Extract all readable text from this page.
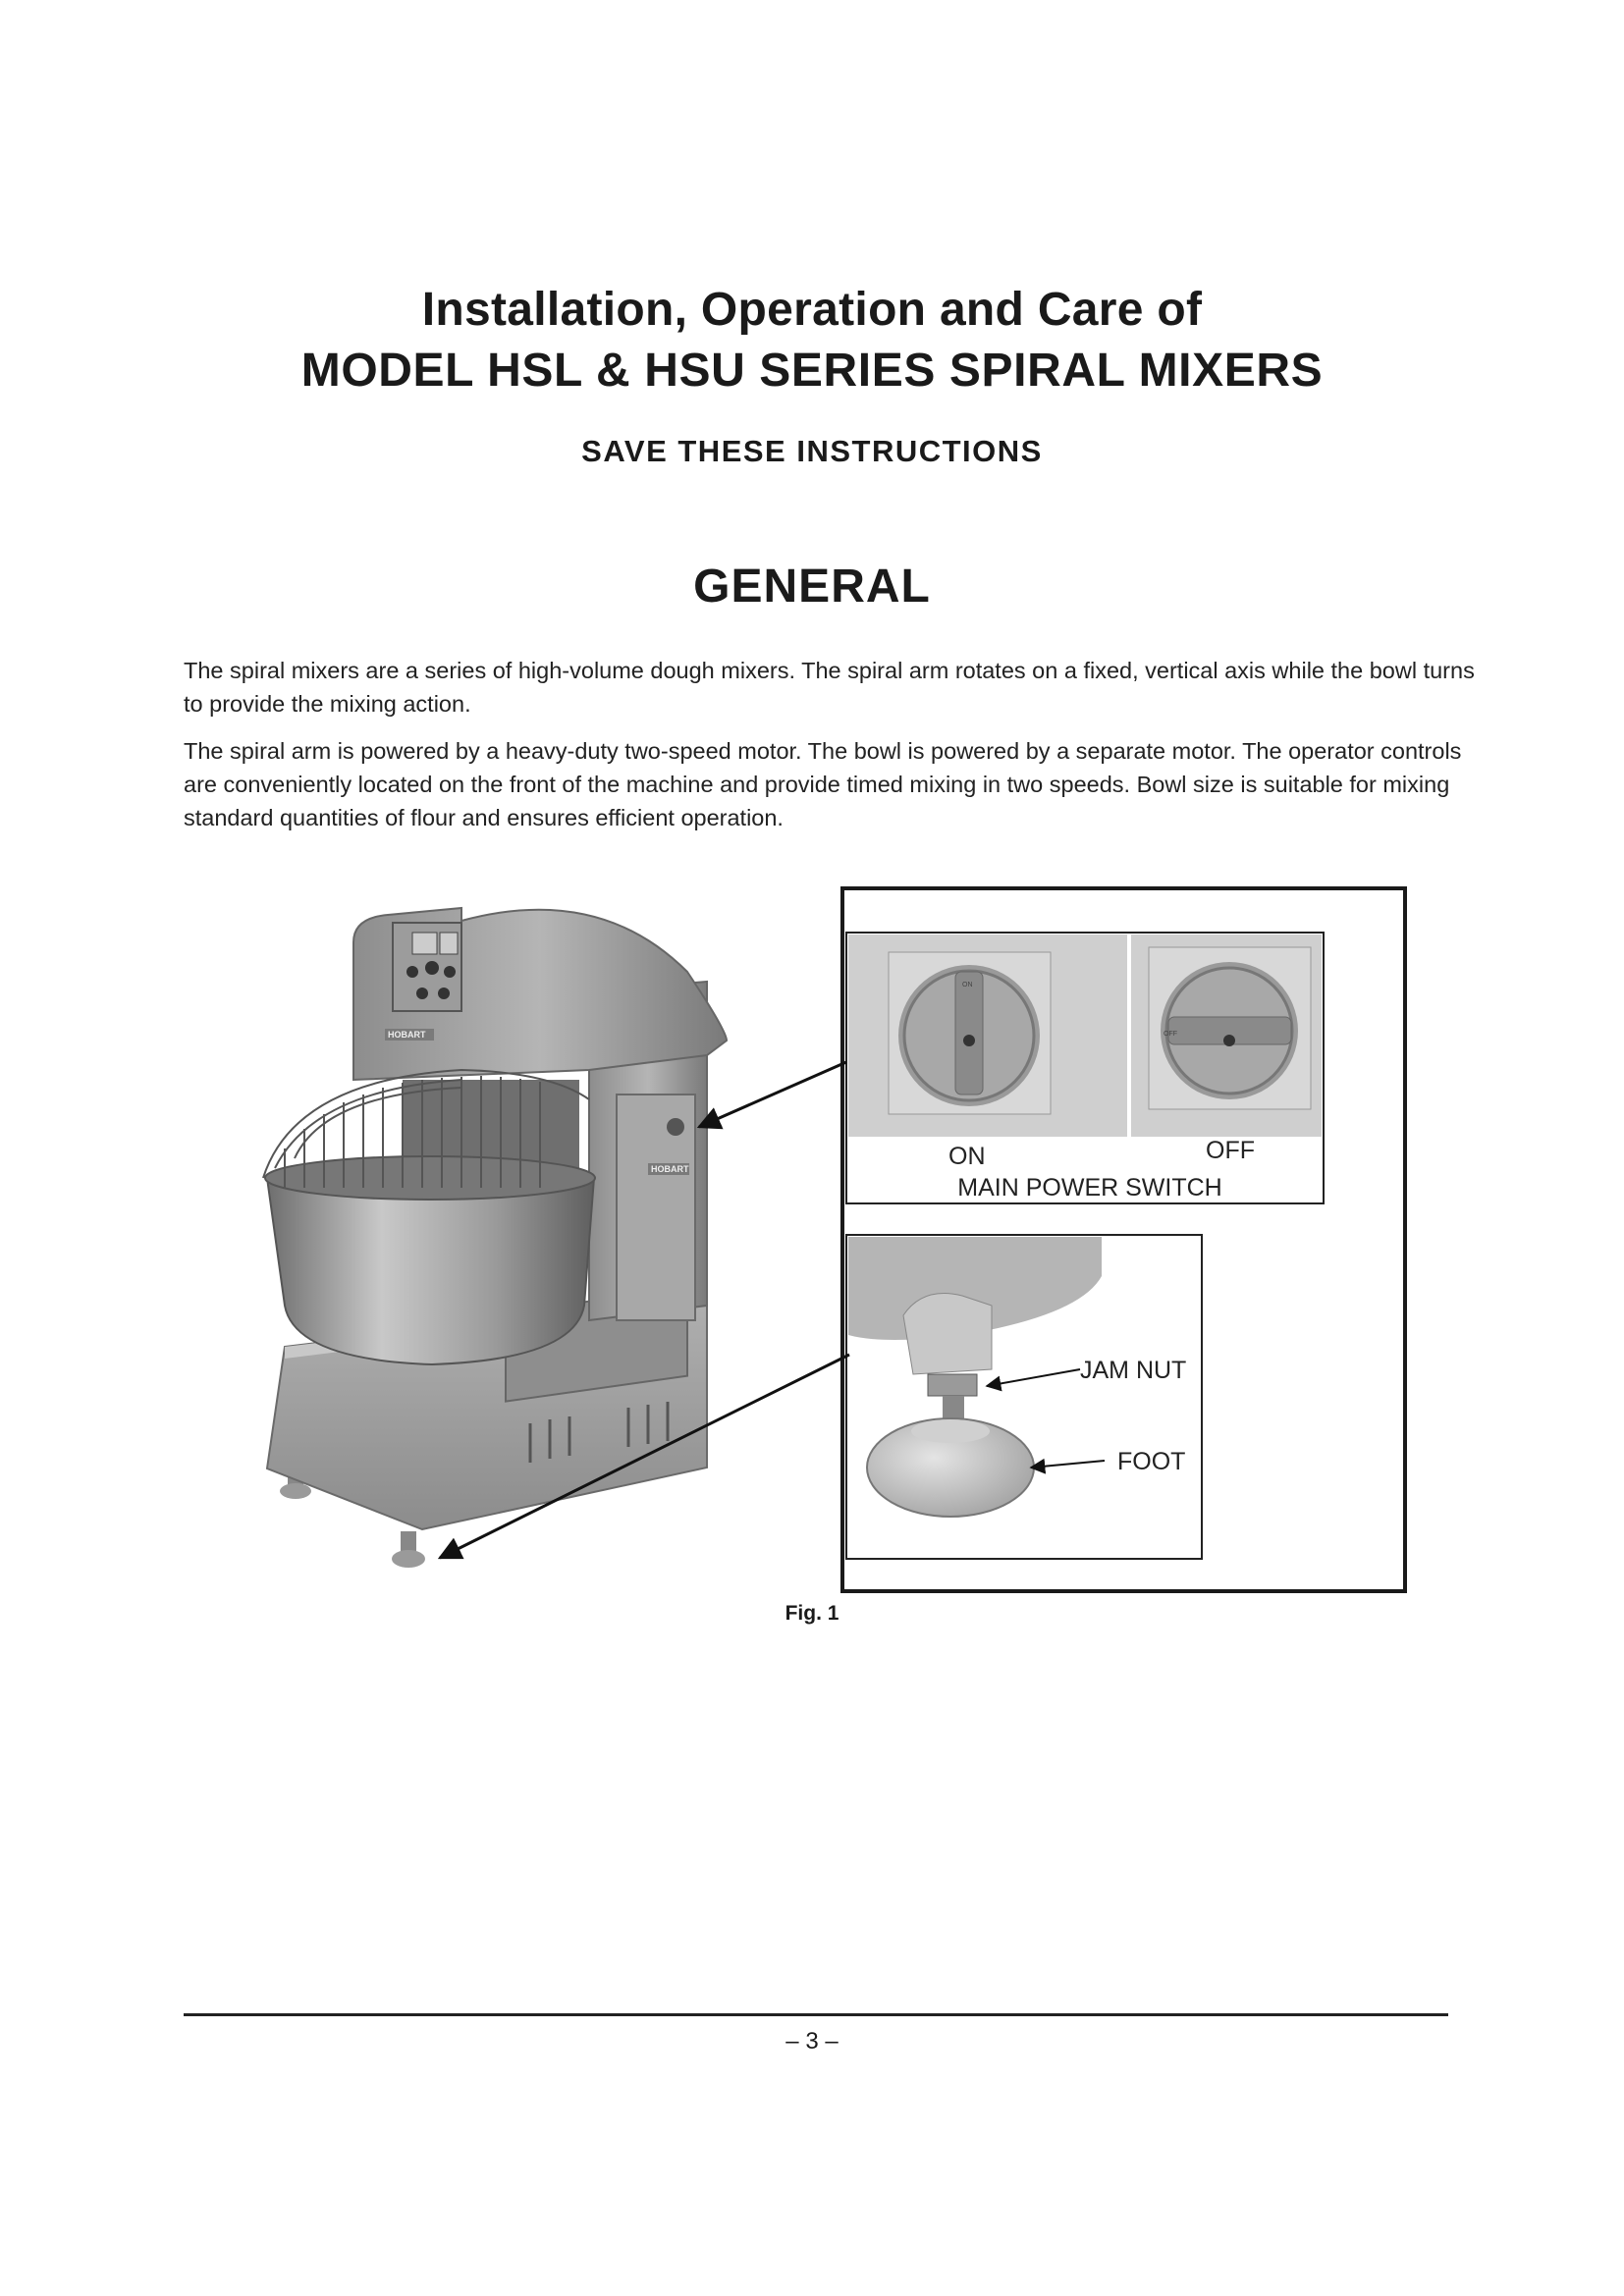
Installation, Operation and Care of
MODEL HSL & HSU SERIES SPIRAL MIXERS
SAVE THESE INSTRUCTIONS
GENERAL
The spiral mixers are a series of high-volume dough mixers. The spiral arm rotates on a fixed, vertical axis while the bowl turns to provide the mixing action.
The spiral arm is powered by a heavy-duty two-speed motor. The bowl is powered by a separate motor. The operator controls are conveniently located on the front of the machine and provide timed mixing in two speeds. Bowl size is suitable for mixing standard quantities of flour and ensures efficient operation.
HOBART
HOBART
ON
OFF
ON	OFF
MAIN POWER SWITCH
JAM NUT
FOOT
Fig. 1
– 3 –
